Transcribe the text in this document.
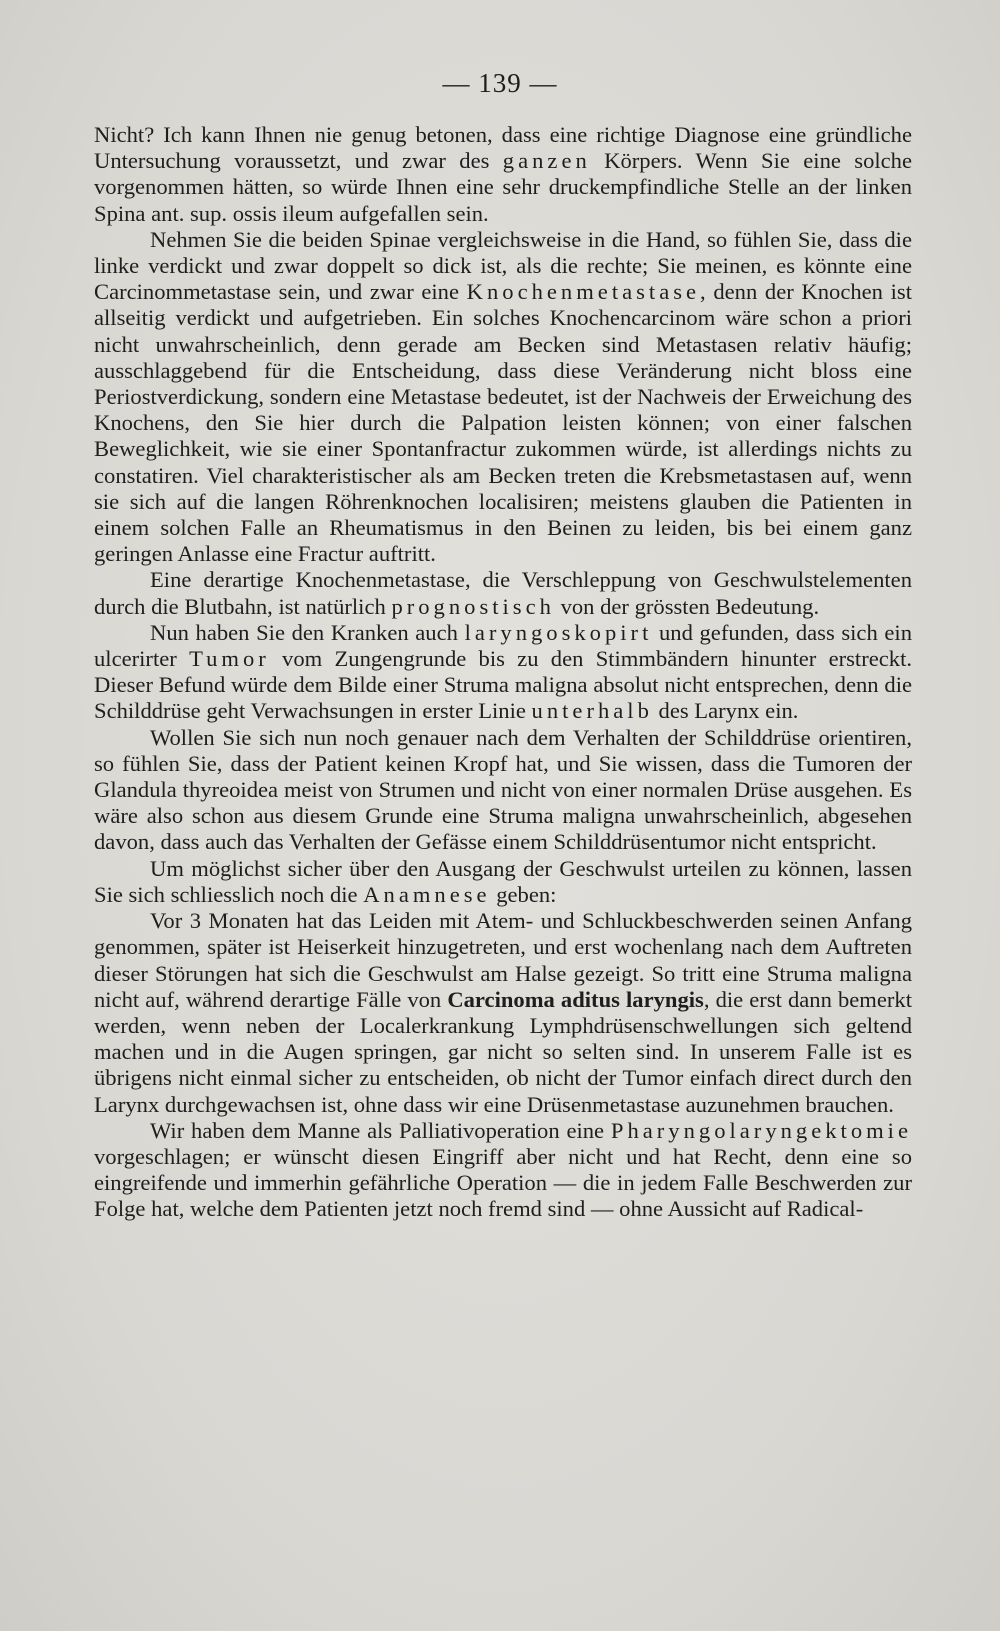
— 139 —

Nicht? Ich kann Ihnen nie genug betonen, dass eine richtige Diagnose eine gründliche Untersuchung voraussetzt, und zwar des ganzen Körpers. Wenn Sie eine solche vorgenommen hätten, so würde Ihnen eine sehr druckempfindliche Stelle an der linken Spina ant. sup. ossis ileum aufgefallen sein.

Nehmen Sie die beiden Spinae vergleichsweise in die Hand, so fühlen Sie, dass die linke verdickt und zwar doppelt so dick ist, als die rechte; Sie meinen, es könnte eine Carcinommetastase sein, und zwar eine Knochenmetastase, denn der Knochen ist allseitig verdickt und aufgetrieben. Ein solches Knochencarcinom wäre schon a priori nicht unwahrscheinlich, denn gerade am Becken sind Metastasen relativ häufig; ausschlaggebend für die Entscheidung, dass diese Veränderung nicht bloss eine Periostverdickung, sondern eine Metastase bedeutet, ist der Nachweis der Erweichung des Knochens, den Sie hier durch die Palpation leisten können; von einer falschen Beweglichkeit, wie sie einer Spontanfractur zukommen würde, ist allerdings nichts zu constatiren. Viel charakteristischer als am Becken treten die Krebsmetastasen auf, wenn sie sich auf die langen Röhrenknochen localisiren; meistens glauben die Patienten in einem solchen Falle an Rheumatismus in den Beinen zu leiden, bis bei einem ganz geringen Anlasse eine Fractur auftritt.

Eine derartige Knochenmetastase, die Verschleppung von Geschwulstelementen durch die Blutbahn, ist natürlich prognostisch von der grössten Bedeutung.

Nun haben Sie den Kranken auch laryngoskopirt und gefunden, dass sich ein ulcerirter Tumor vom Zungengrunde bis zu den Stimmbändern hinunter erstreckt. Dieser Befund würde dem Bilde einer Struma maligna absolut nicht entsprechen, denn die Schilddrüse geht Verwachsungen in erster Linie unterhalb des Larynx ein.

Wollen Sie sich nun noch genauer nach dem Verhalten der Schilddrüse orientiren, so fühlen Sie, dass der Patient keinen Kropf hat, und Sie wissen, dass die Tumoren der Glandula thyreoidea meist von Strumen und nicht von einer normalen Drüse ausgehen. Es wäre also schon aus diesem Grunde eine Struma maligna unwahrscheinlich, abgesehen davon, dass auch das Verhalten der Gefässe einem Schilddrüsentumor nicht entspricht.

Um möglichst sicher über den Ausgang der Geschwulst urteilen zu können, lassen Sie sich schliesslich noch die Anamnese geben:

Vor 3 Monaten hat das Leiden mit Atem- und Schluckbeschwerden seinen Anfang genommen, später ist Heiserkeit hinzugetreten, und erst wochenlang nach dem Auftreten dieser Störungen hat sich die Geschwulst am Halse gezeigt. So tritt eine Struma maligna nicht auf, während derartige Fälle von Carcinoma aditus laryngis, die erst dann bemerkt werden, wenn neben der Localerkrankung Lymphdrüsenschwellungen sich geltend machen und in die Augen springen, gar nicht so selten sind. In unserem Falle ist es übrigens nicht einmal sicher zu entscheiden, ob nicht der Tumor einfach direct durch den Larynx durchgewachsen ist, ohne dass wir eine Drüsenmetastase auzunehmen brauchen.

Wir haben dem Manne als Palliativoperation eine Pharyngolaryngektomie vorgeschlagen; er wünscht diesen Eingriff aber nicht und hat Recht, denn eine so eingreifende und immerhin gefährliche Operation — die in jedem Falle Beschwerden zur Folge hat, welche dem Patienten jetzt noch fremd sind — ohne Aussicht auf Radical-
